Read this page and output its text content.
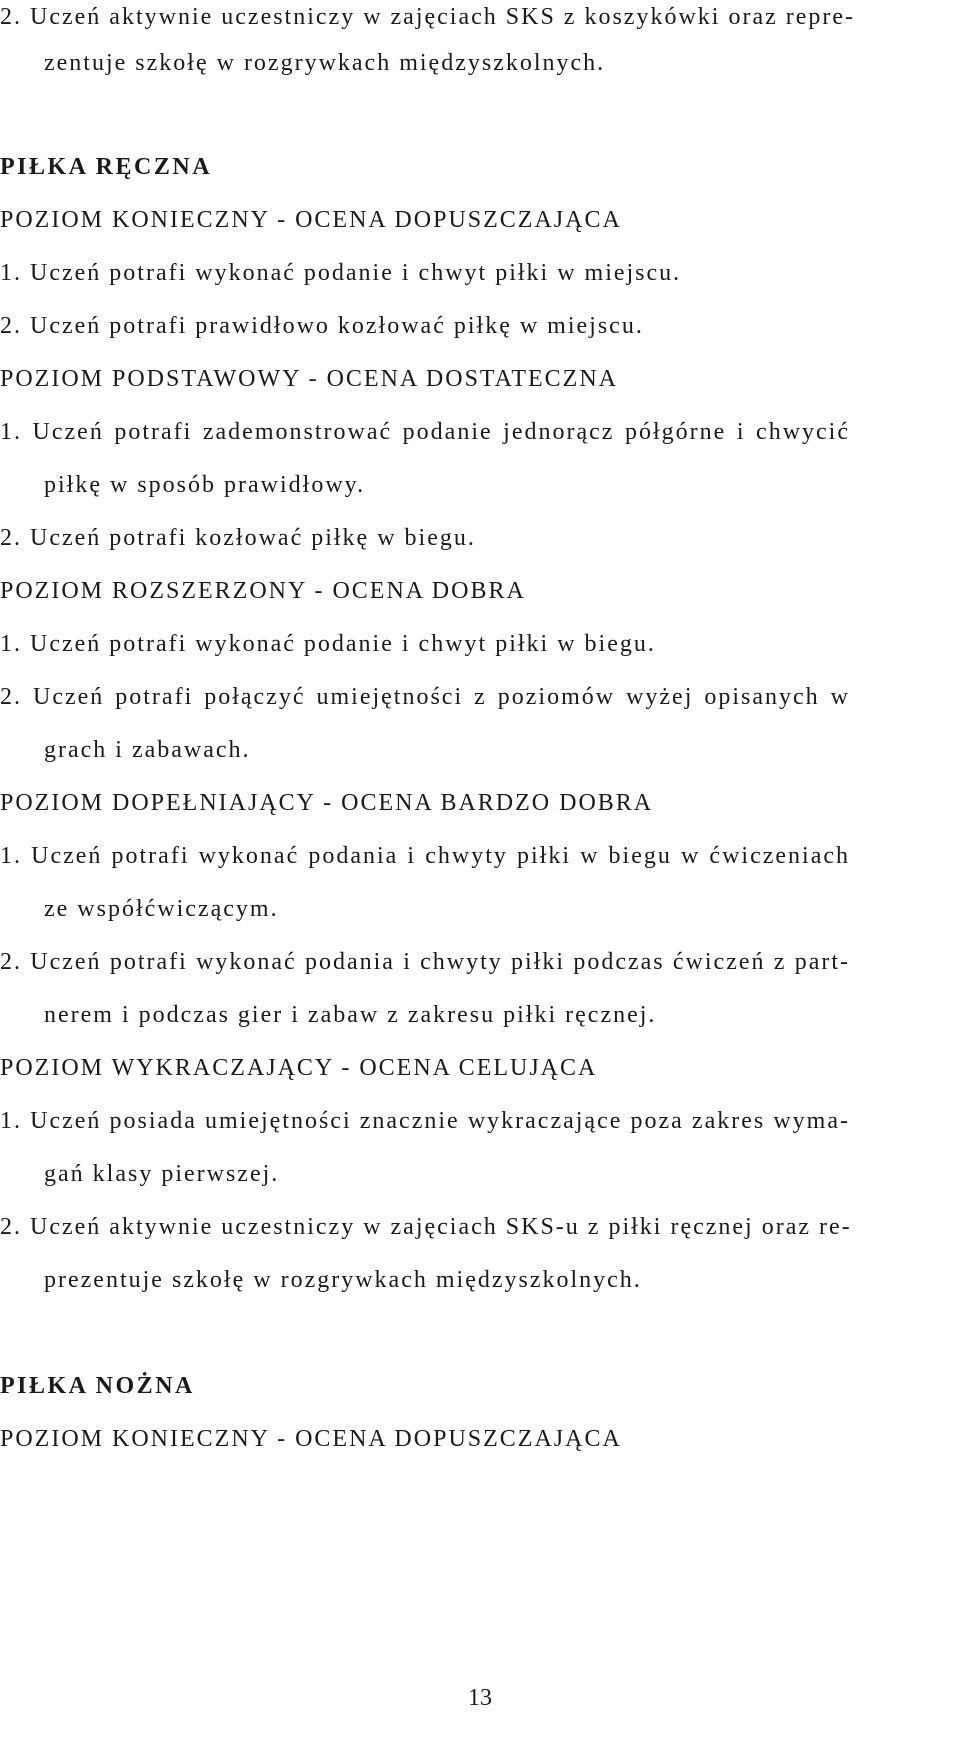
2. Uczeń aktywnie uczestniczy w zajęciach SKS z koszykówki oraz repre-
zentuje szkołę w rozgrywkach międzyszkolnych.
PIŁKA RĘCZNA
POZIOM KONIECZNY - OCENA DOPUSZCZAJĄCA
1. Uczeń potrafi wykonać podanie i chwyt piłki w miejscu.
2. Uczeń potrafi prawidłowo kozłować piłkę w miejscu.
POZIOM PODSTAWOWY - OCENA DOSTATECZNA
1. Uczeń potrafi zademonstrować podanie jednorącz półgórne i chwycić
piłkę w sposób prawidłowy.
2. Uczeń potrafi kozłować piłkę w biegu.
POZIOM ROZSZERZONY - OCENA DOBRA
1. Uczeń potrafi wykonać podanie i chwyt piłki w biegu.
2. Uczeń potrafi połączyć umiejętności z poziomów wyżej opisanych w
grach i zabawach.
POZIOM DOPEŁNIAJĄCY - OCENA BARDZO DOBRA
1. Uczeń potrafi wykonać podania i chwyty piłki w biegu w ćwiczeniach
ze współćwiczącym.
2. Uczeń potrafi wykonać podania i chwyty piłki podczas ćwiczeń z part-
nerem i podczas gier i zabaw z zakresu piłki ręcznej.
POZIOM WYKRACZAJĄCY - OCENA CELUJĄCA
1. Uczeń posiada umiejętności znacznie wykraczające poza zakres wyma-
gań klasy pierwszej.
2. Uczeń aktywnie uczestniczy w zajęciach SKS-u z piłki ręcznej oraz re-
prezentuje szkołę w rozgrywkach międzyszkolnych.
PIŁKA NOŻNA
POZIOM KONIECZNY - OCENA DOPUSZCZAJĄCA
13
